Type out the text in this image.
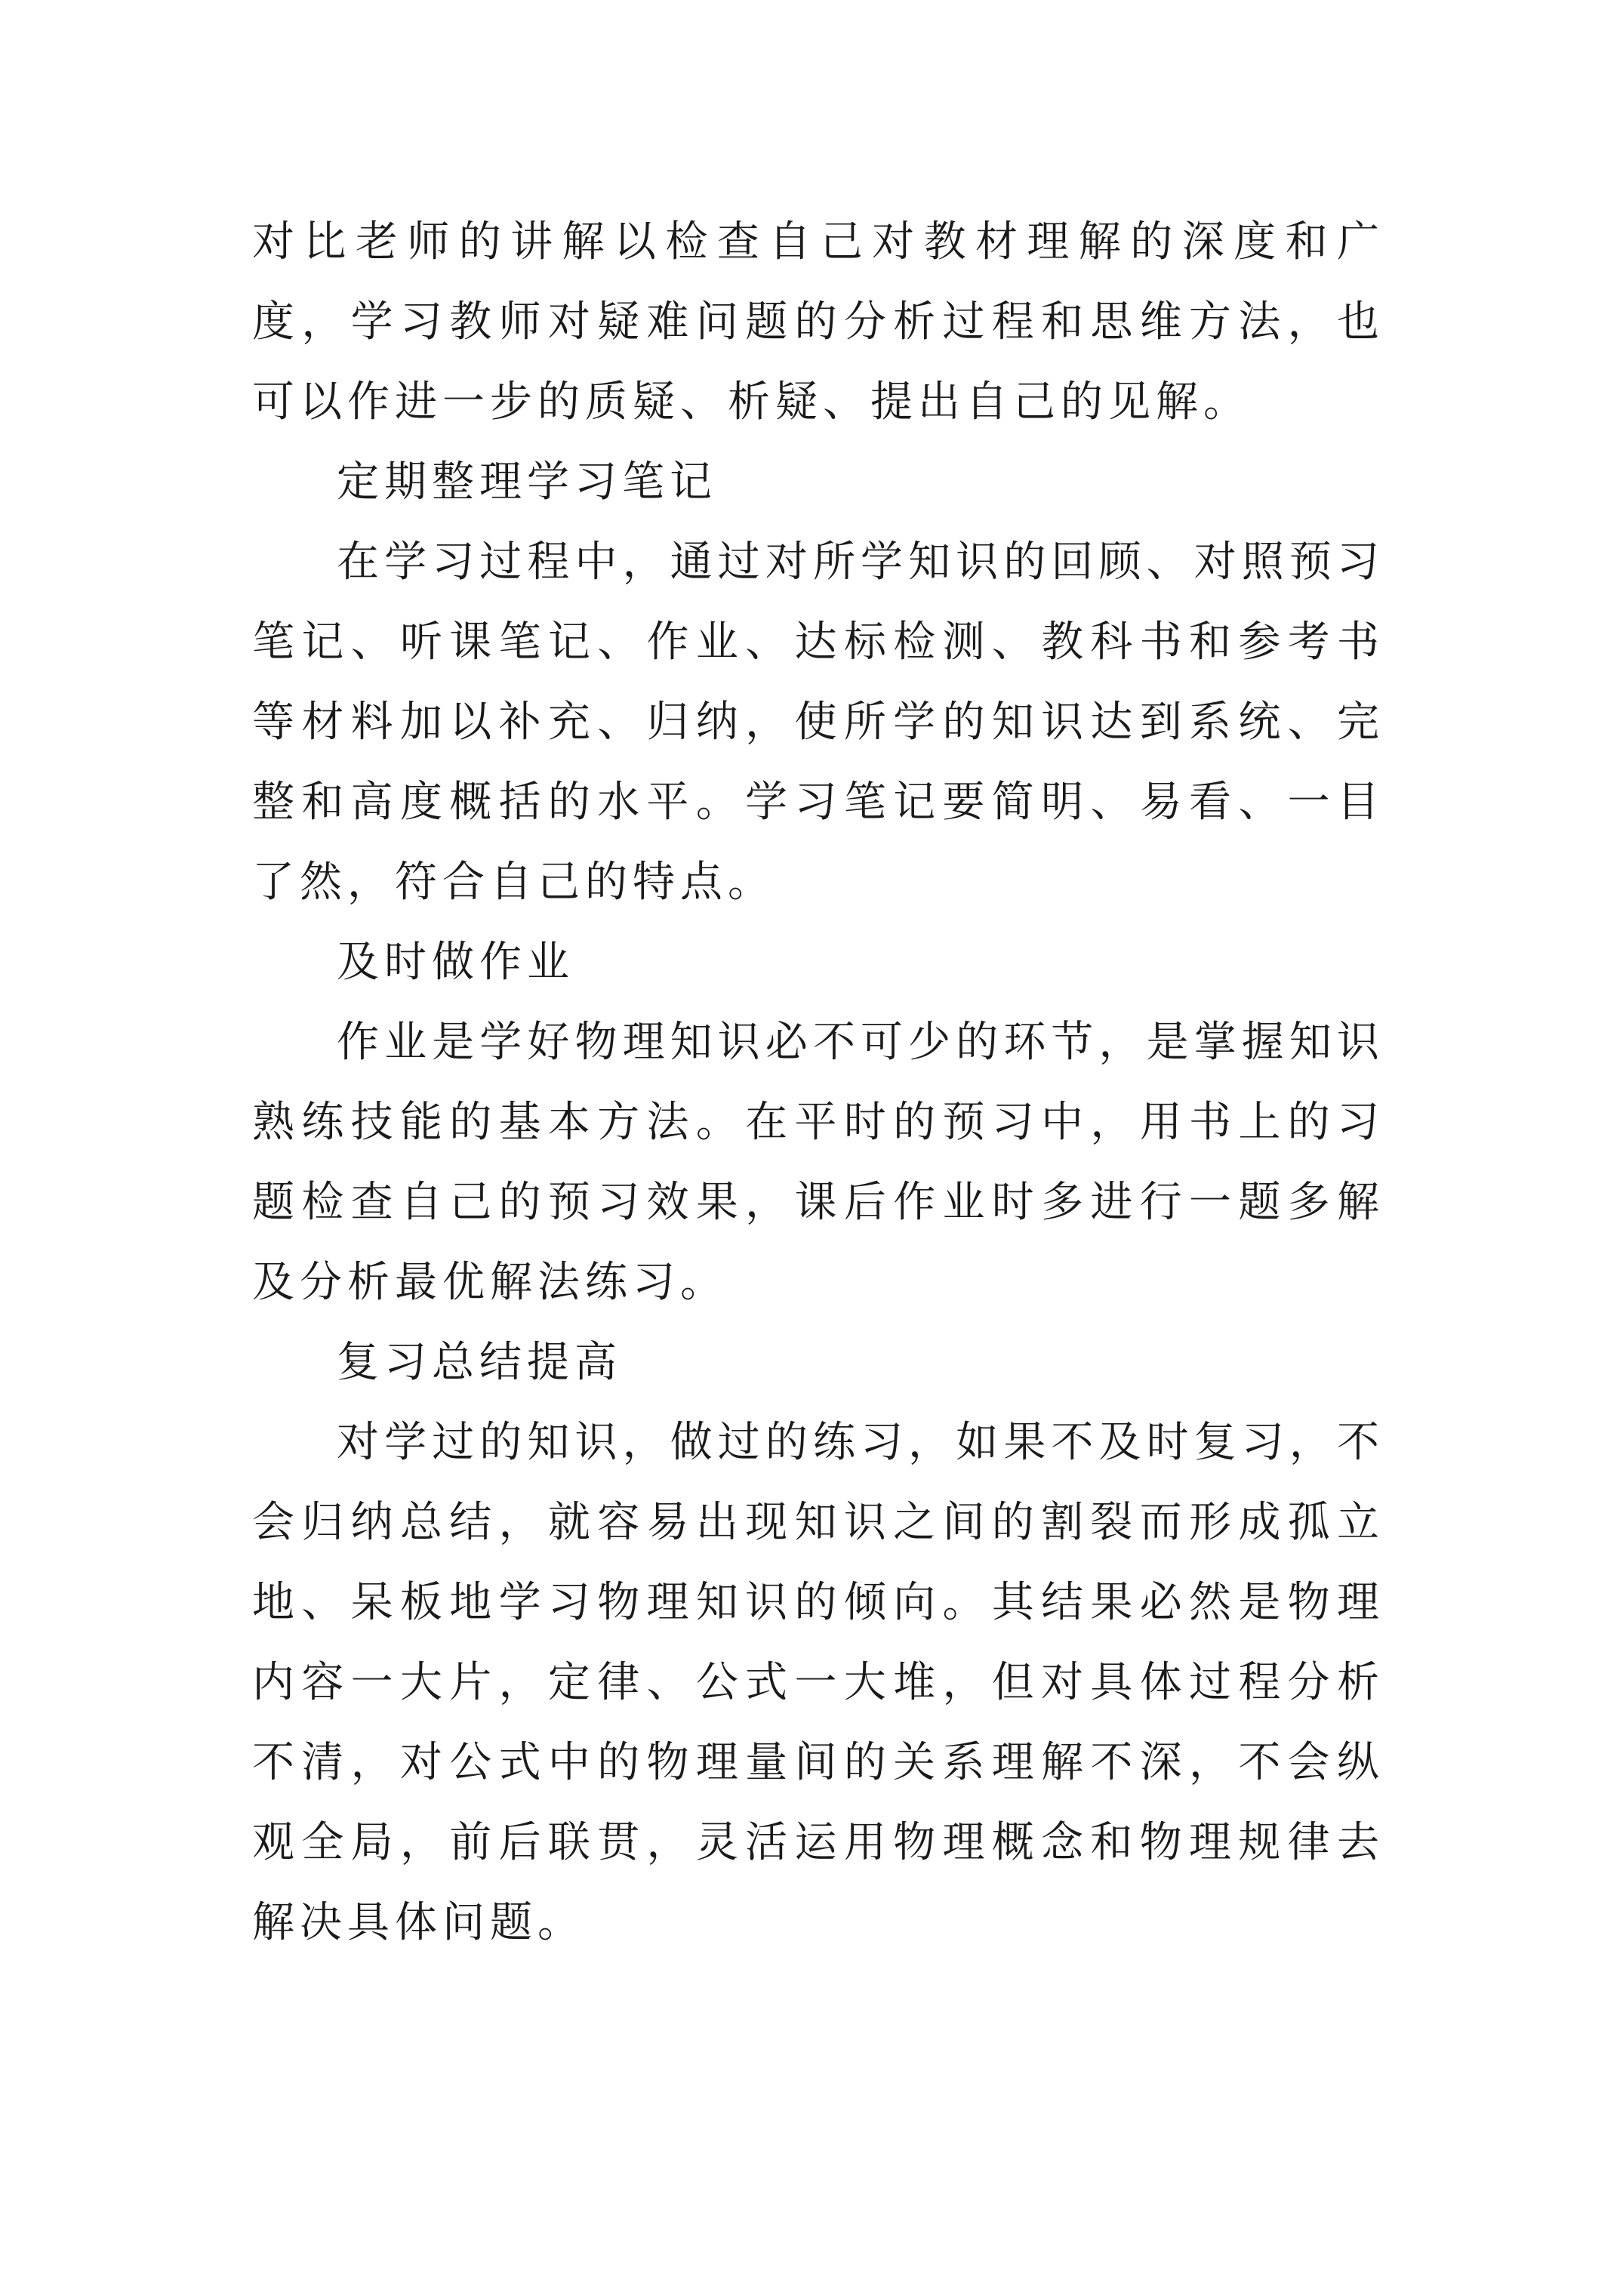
对比老师的讲解以检查自己对教材理解的深度和广度，学习教师对疑难问题的分析过程和思维方法，也可以作进一步的质疑、析疑、提出自己的见解。

定期整理学习笔记

在学习过程中，通过对所学知识的回顾、对照预习笔记、听课笔记、作业、达标检测、教科书和参考书等材料加以补充、归纳，使所学的知识达到系统、完整和高度概括的水平。学习笔记要简明、易看、一目了然，符合自己的特点。

及时做作业

作业是学好物理知识必不可少的环节，是掌握知识熟练技能的基本方法。在平时的预习中，用书上的习题检查自己的预习效果，课后作业时多进行一题多解及分析最优解法练习。

复习总结提高

对学过的知识，做过的练习，如果不及时复习，不会归纳总结，就容易出现知识之间的割裂而形成孤立地、呆板地学习物理知识的倾向。其结果必然是物理内容一大片，定律、公式一大堆，但对具体过程分析不清，对公式中的物理量间的关系理解不深，不会纵观全局，前后联贯，灵活运用物理概念和物理规律去解决具体问题。
